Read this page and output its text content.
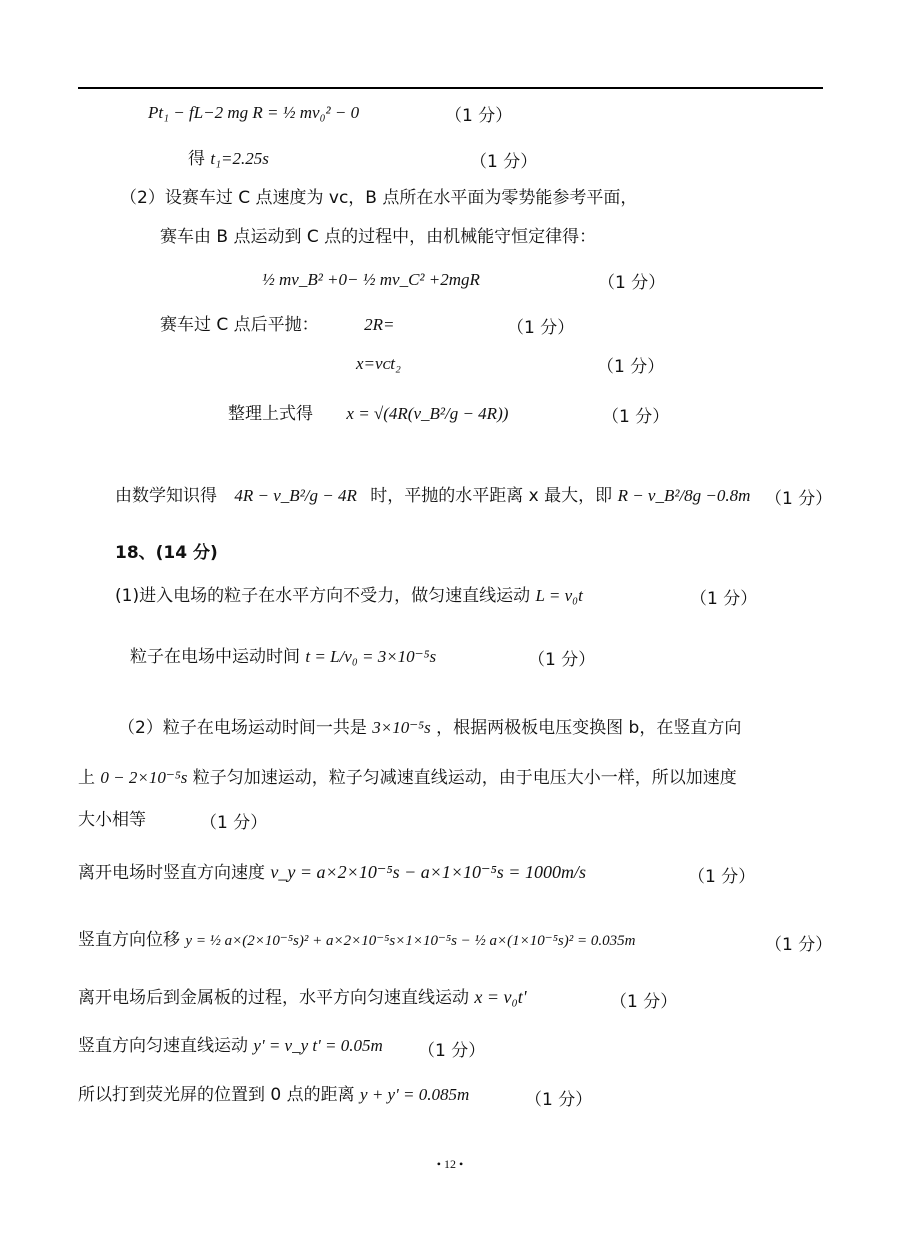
Pt₁ − fL−2 mg R = ½ mv₀² − 0	（1 分）
得 t₁=2.25s	（1 分）
（2）设赛车过 C 点速度为 vᴄ，B 点所在水平面为零势能参考平面，
赛车由 B 点运动到 C 点的过程中，由机械能守恒定律得：
½ mv_B² +0− ½ mv_C² +2mgR	（1 分）
赛车过 C 点后平抛：	2R=	（1 分）
x=vᴄt₂	（1 分）
整理上式得 x = √(4R(v_B²/g − 4R))	（1 分）
由数学知识得 4R − v_B²/g − 4R 时，平抛的水平距离 x 最大，即 R − v_B²/8g −0.8m （1 分）
18、(14 分)
(1)进入电场的粒子在水平方向不受力，做匀速直线运动 L = v₀t	（1 分）
粒子在电场中运动时间 t = L/v₀ = 3×10⁻⁵s	（1 分）
（2）粒子在电场运动时间一共是 3×10⁻⁵s ，根据两极板电压变换图 b，在竖直方向
上 0 − 2×10⁻⁵s 粒子匀加速运动，粒子匀减速直线运动，由于电压大小一样，所以加速度
大小相等	（1 分）
离开电场时竖直方向速度 v_y = a×2×10⁻⁵s − a×1×10⁻⁵s = 1000m/s	（1 分）
竖直方向位移 y = ½ a×(2×10⁻⁵s)² + a×2×10⁻⁵s×1×10⁻⁵s − ½ a×(1×10⁻⁵s)² = 0.035m	（1 分）
离开电场后到金属板的过程，水平方向匀速直线运动 x = v₀t'	（1 分）
竖直方向匀速直线运动 y' = v_y t' = 0.05m （1 分）
所以打到荧光屏的位置到 0 点的距离 y + y' = 0.085m	（1 分）
• 12 •
